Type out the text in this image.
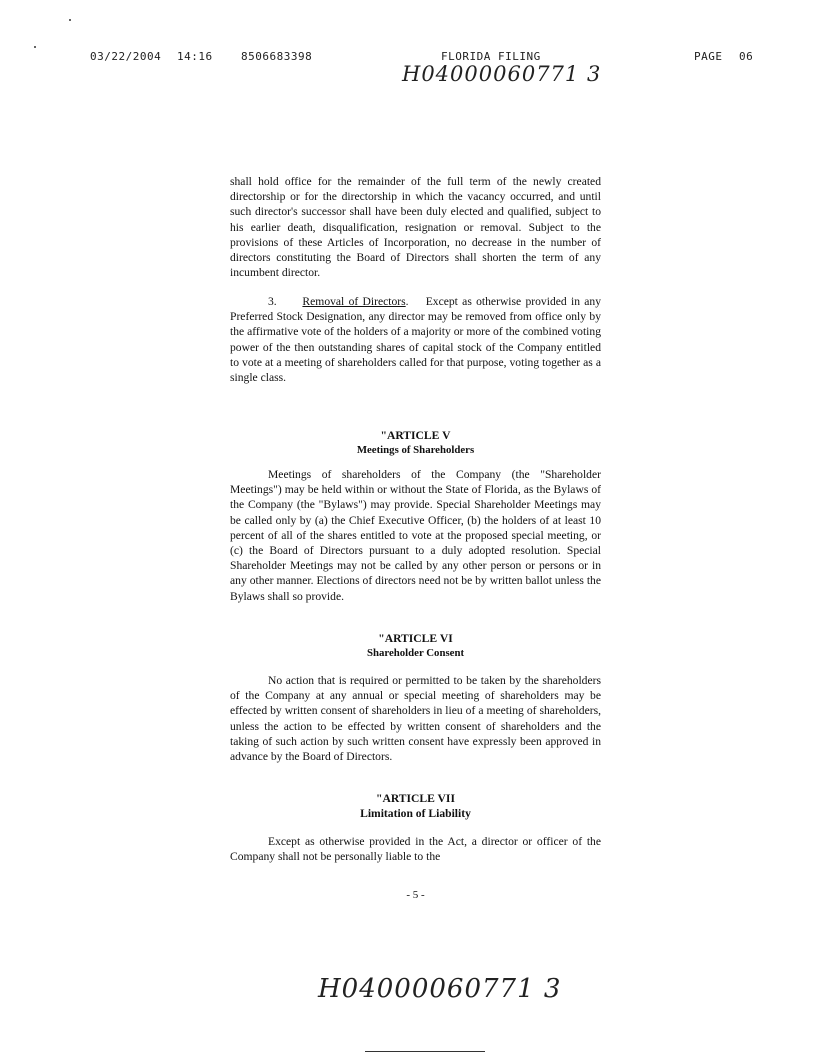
03/22/2004 14:16	8506683398	FLORIDA FILING	PAGE 06
H04000060771 3

shall hold office for the remainder of the full term of the newly created directorship or for the directorship in which the vacancy occurred, and until such director's successor shall have been duly elected and qualified, subject to his earlier death, disqualification, resignation or removal. Subject to the provisions of these Articles of Incorporation, no decrease in the number of directors constituting the Board of Directors shall shorten the term of any incumbent director.

3. Removal of Directors.    Except as otherwise provided in any Preferred Stock Designation, any director may be removed from office only by the affirmative vote of the holders of a majority or more of the combined voting power of the then outstanding shares of capital stock of the Company entitled to vote at a meeting of shareholders called for that purpose, voting together as a single class.

"ARTICLE V
Meetings of Shareholders

Meetings of shareholders of the Company (the "Shareholder Meetings") may be held within or without the State of Florida, as the Bylaws of the Company (the "Bylaws") may provide. Special Shareholder Meetings may be called only by (a) the Chief Executive Officer, (b) the holders of at least 10 percent of all of the shares entitled to vote at the proposed special meeting, or (c) the Board of Directors pursuant to a duly adopted resolution. Special Shareholder Meetings may not be called by any other person or persons or in any other manner. Elections of directors need not be by written ballot unless the Bylaws shall so provide.

"ARTICLE VI
Shareholder Consent

No action that is required or permitted to be taken by the shareholders of the Company at any annual or special meeting of shareholders may be effected by written consent of shareholders in lieu of a meeting of shareholders, unless the action to be effected by written consent of shareholders and the taking of such action by such written consent have expressly been approved in advance by the Board of Directors.

"ARTICLE VII
Limitation of Liability

Except as otherwise provided in the Act, a director or officer of the Company shall not be personally liable to the

- 5 -
H04000060771 3
